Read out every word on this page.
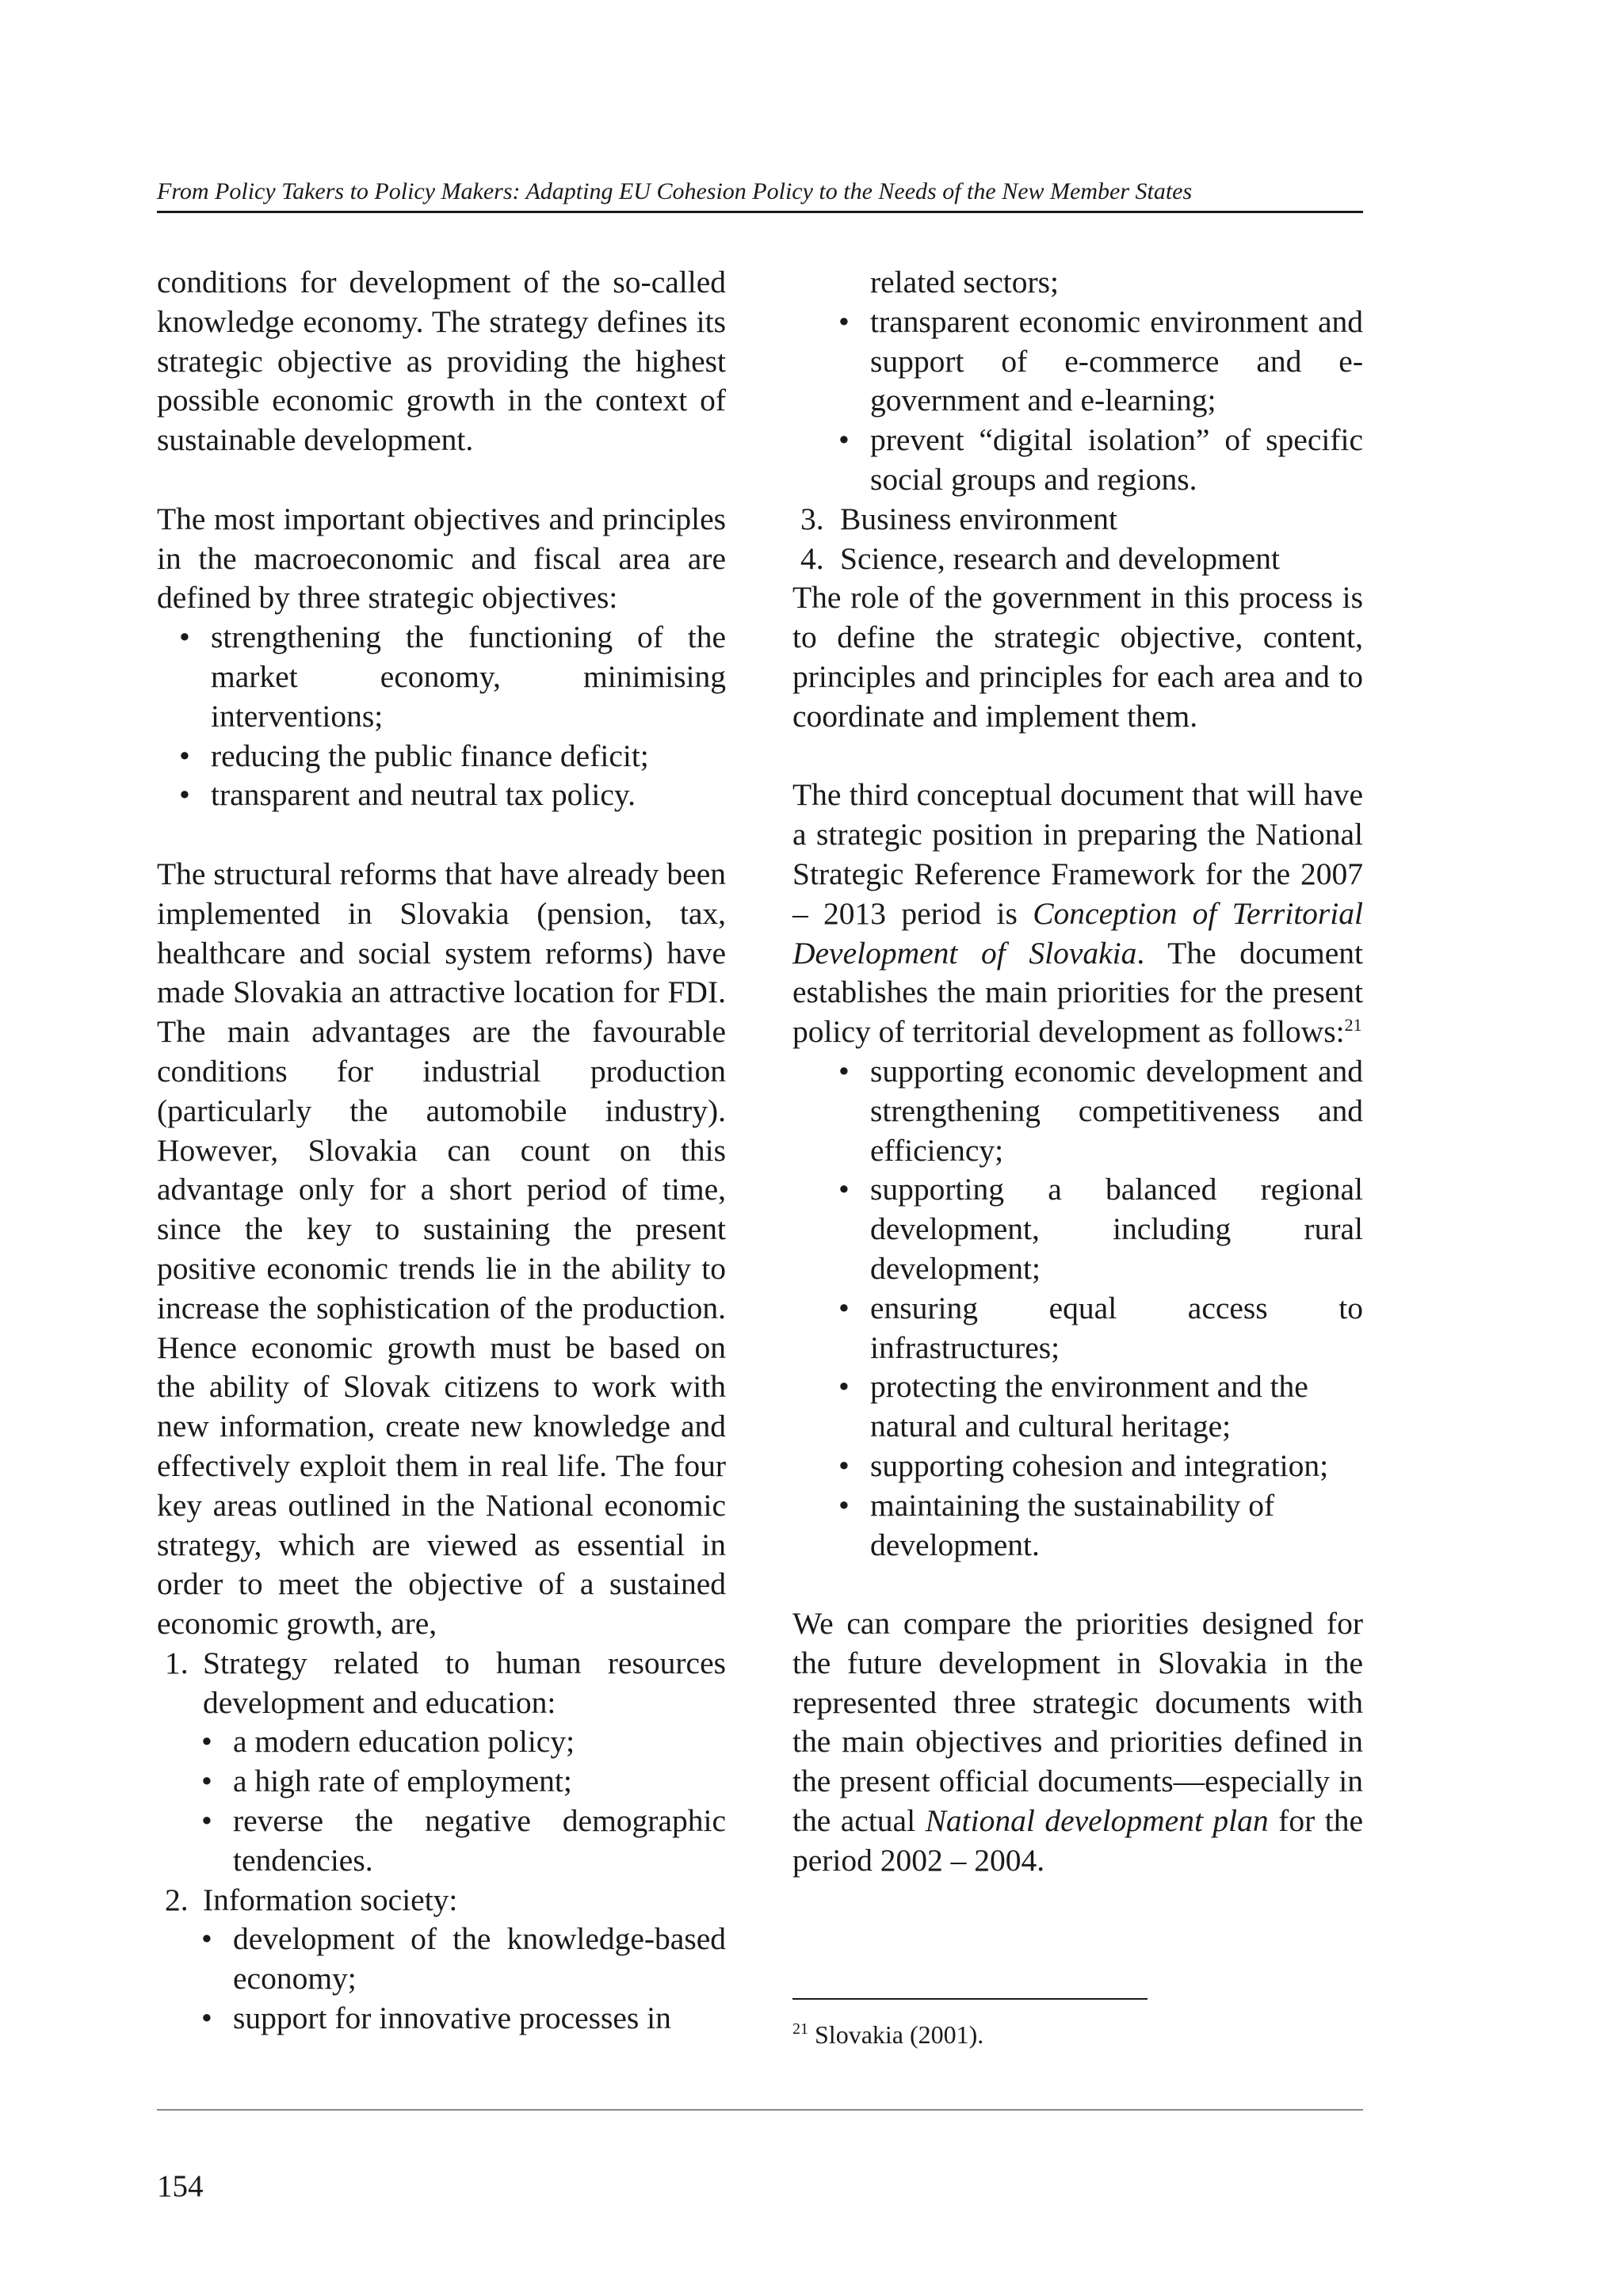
From Policy Takers to Policy Makers: Adapting EU Cohesion Policy to the Needs of the New Member States

conditions for development of the so-called knowledge economy. The strategy defines its strategic objective as providing the highest possible economic growth in the context of sustainable development.

The most important objectives and principles in the macroeconomic and fiscal area are defined by three strategic objectives:

• strengthening the functioning of the market economy, minimising interventions;
• reducing the public finance deficit;
• transparent and neutral tax policy.

The structural reforms that have already been implemented in Slovakia (pension, tax, healthcare and social system reforms) have made Slovakia an attractive location for FDI. The main advantages are the favourable conditions for industrial production (particularly the automobile industry). However, Slovakia can count on this advantage only for a short period of time, since the key to sustaining the present positive economic trends lie in the ability to increase the sophistication of the production. Hence economic growth must be based on the ability of Slovak citizens to work with new information, create new knowledge and effectively exploit them in real life. The four key areas outlined in the National economic strategy, which are viewed as essential in order to meet the objective of a sustained economic growth, are,

1. Strategy related to human resources development and education:
• a modern education policy;
• a high rate of employment;
• reverse the negative demographic tendencies.
2. Information society:
• development of the knowledge-based economy;
• support for innovative processes in
related sectors;
• transparent economic environment and support of e-commerce and e-government and e-learning;
• prevent “digital isolation” of specific social groups and regions.
3. Business environment
4. Science, research and development

The role of the government in this process is to define the strategic objective, content, principles and principles for each area and to coordinate and implement them.

The third conceptual document that will have a strategic position in preparing the National Strategic Reference Framework for the 2007 – 2013 period is Conception of Territorial Development of Slovakia. The document establishes the main priorities for the present policy of territorial development as follows:$^{21}$

• supporting economic development and strengthening competitiveness and efficiency;
• supporting a balanced regional development, including rural development;
• ensuring equal access to infrastructures;
• protecting the environment and the natural and cultural heritage;
• supporting cohesion and integration;
• maintaining the sustainability of development.

We can compare the priorities designed for the future development in Slovakia in the represented three strategic documents with the main objectives and priorities defined in the present official documents—especially in the actual National development plan for the period 2002 – 2004.

$^{21}$ Slovakia (2001).
154
